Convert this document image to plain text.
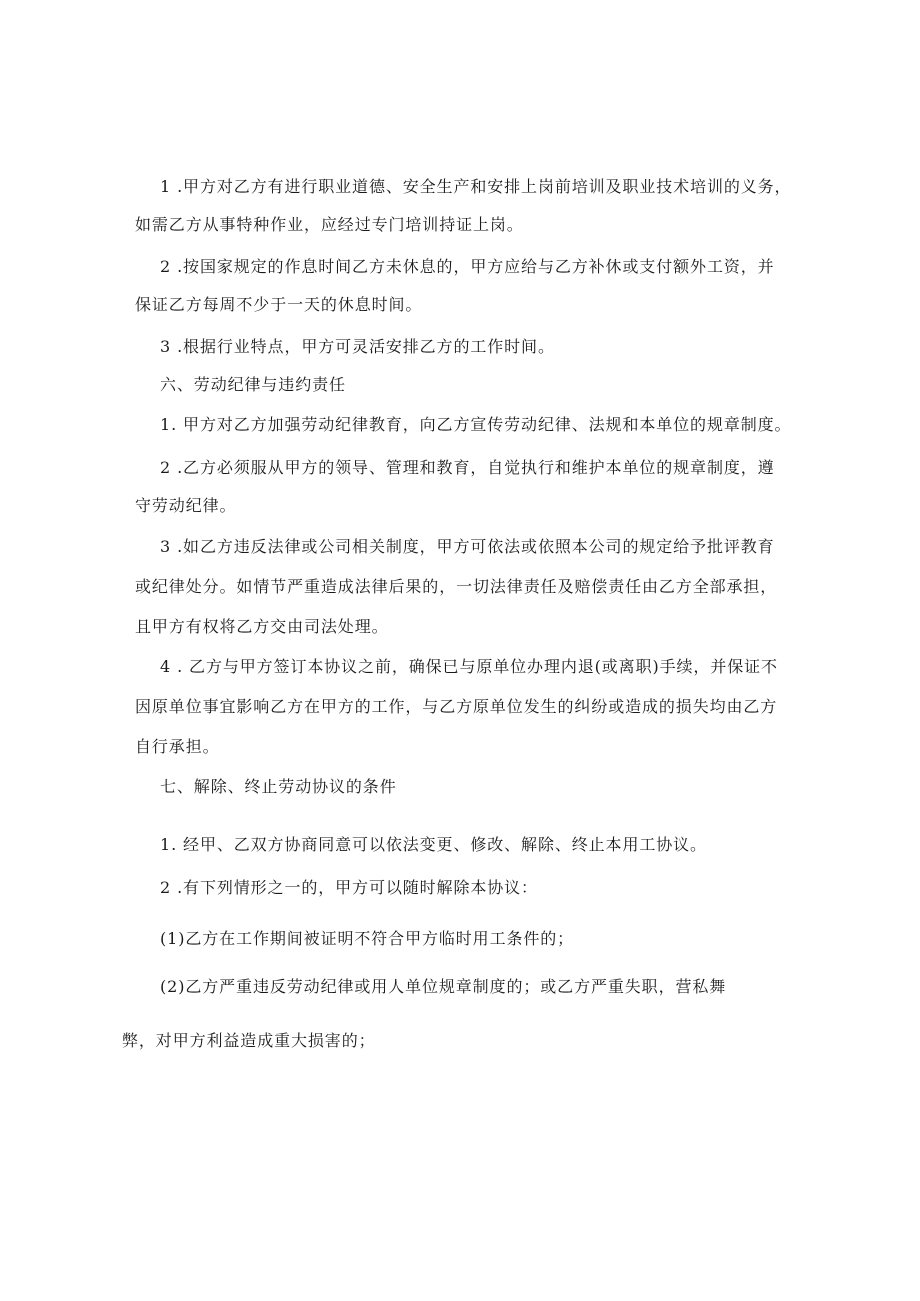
1 .甲方对乙方有进行职业道德、安全生产和安排上岗前培训及职业技术培训的义务，
如需乙方从事特种作业，应经过专门培训持证上岗。
2 .按国家规定的作息时间乙方未休息的，甲方应给与乙方补休或支付额外工资，并
保证乙方每周不少于一天的休息时间。
3 .根据行业特点，甲方可灵活安排乙方的工作时间。
六、劳动纪律与违约责任
1. 甲方对乙方加强劳动纪律教育，向乙方宣传劳动纪律、法规和本单位的规章制度。
2 .乙方必须服从甲方的领导、管理和教育，自觉执行和维护本单位的规章制度，遵
守劳动纪律。
3 .如乙方违反法律或公司相关制度，甲方可依法或依照本公司的规定给予批评教育
或纪律处分。如情节严重造成法律后果的，一切法律责任及赔偿责任由乙方全部承担，
且甲方有权将乙方交由司法处理。
4 . 乙方与甲方签订本协议之前，确保已与原单位办理内退(或离职)手续，并保证不
因原单位事宜影响乙方在甲方的工作，与乙方原单位发生的纠纷或造成的损失均由乙方
自行承担。
七、解除、终止劳动协议的条件
1. 经甲、乙双方协商同意可以依法变更、修改、解除、终止本用工协议。
2 .有下列情形之一的，甲方可以随时解除本协议：
(1)乙方在工作期间被证明不符合甲方临时用工条件的；
(2)乙方严重违反劳动纪律或用人单位规章制度的；或乙方严重失职，营私舞
弊，对甲方利益造成重大损害的；
